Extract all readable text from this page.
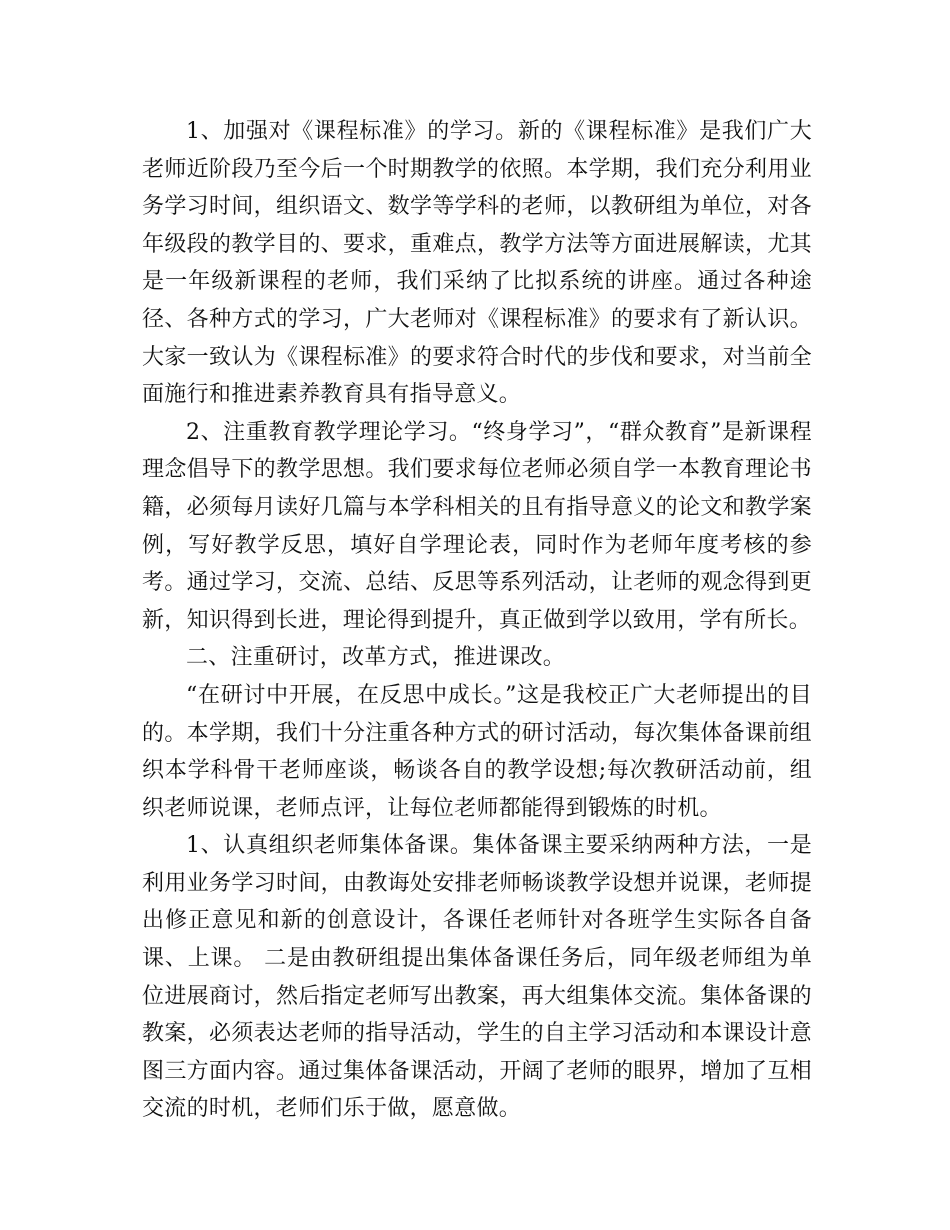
1、加强对《课程标准》的学习。新的《课程标准》是我们广大老师近阶段乃至今后一个时期教学的依照。本学期，我们充分利用业务学习时间，组织语文、数学等学科的老师，以教研组为单位，对各年级段的教学目的、要求，重难点，教学方法等方面进展解读，尤其是一年级新课程的老师，我们采纳了比拟系统的讲座。通过各种途径、各种方式的学习，广大老师对《课程标准》的要求有了新认识。大家一致认为《课程标准》的要求符合时代的步伐和要求，对当前全面施行和推进素养教育具有指导意义。

2、注重教育教学理论学习。“终身学习”，“群众教育”是新课程理念倡导下的教学思想。我们要求每位老师必须自学一本教育理论书籍，必须每月读好几篇与本学科相关的且有指导意义的论文和教学案例，写好教学反思，填好自学理论表，同时作为老师年度考核的参考。通过学习，交流、总结、反思等系列活动，让老师的观念得到更新，知识得到长进，理论得到提升，真正做到学以致用，学有所长。

二、注重研讨，改革方式，推进课改。

“在研讨中开展，在反思中成长。”这是我校正广大老师提出的目的。本学期，我们十分注重各种方式的研讨活动，每次集体备课前组织本学科骨干老师座谈，畅谈各自的教学设想;每次教研活动前，组织老师说课，老师点评，让每位老师都能得到锻炼的时机。

1、认真组织老师集体备课。集体备课主要采纳两种方法，一是利用业务学习时间，由教诲处安排老师畅谈教学设想并说课，老师提出修正意见和新的创意设计，各课任老师针对各班学生实际各自备课、上课。 二是由教研组提出集体备课任务后，同年级老师组为单位进展商讨，然后指定老师写出教案，再大组集体交流。集体备课的教案，必须表达老师的指导活动，学生的自主学习活动和本课设计意图三方面内容。通过集体备课活动，开阔了老师的眼界，增加了互相交流的时机，老师们乐于做，愿意做。
